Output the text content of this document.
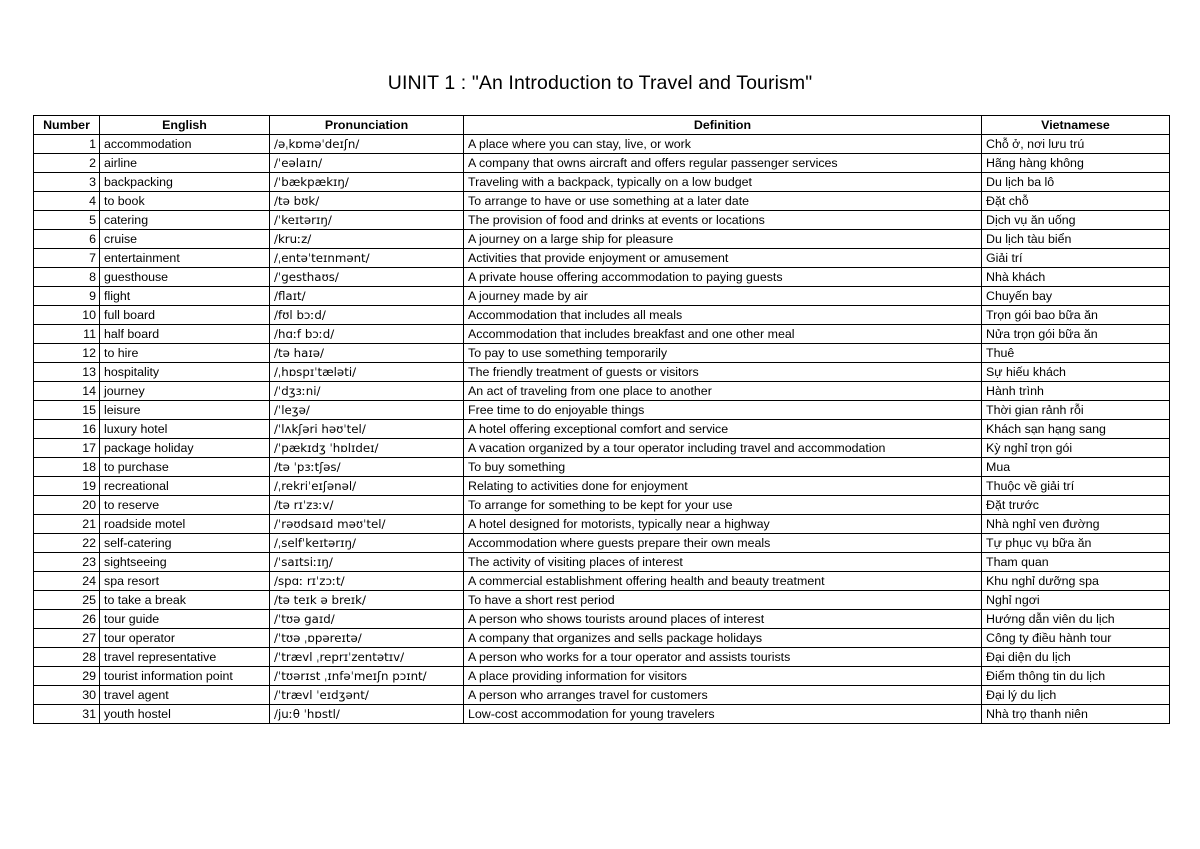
UINIT 1 : "An Introduction to Travel and Tourism"
Number	English	Pronunciation	Definition	Vietnamese
1	accommodation	/əˌkɒməˈdeɪʃn/	A place where you can stay, live, or work	Chỗ ở, nơi lưu trú
2	airline	/ˈeəlaɪn/	A company that owns aircraft and offers regular passenger services	Hãng hàng không
3	backpacking	/ˈbækpækɪŋ/	Traveling with a backpack, typically on a low budget	Du lịch ba lô
4	to book	/tə bʊk/	To arrange to have or use something at a later date	Đặt chỗ
5	catering	/ˈkeɪtərɪŋ/	The provision of food and drinks at events or locations	Dịch vụ ăn uống
6	cruise	/kruːz/	A journey on a large ship for pleasure	Du lịch tàu biển
7	entertainment	/ˌentəˈteɪnmənt/	Activities that provide enjoyment or amusement	Giải trí
8	guesthouse	/ˈgesthaʊs/	A private house offering accommodation to paying guests	Nhà khách
9	flight	/flaɪt/	A journey made by air	Chuyến bay
10	full board	/fʊl bɔːd/	Accommodation that includes all meals	Trọn gói bao bữa ăn
11	half board	/hɑːf bɔːd/	Accommodation that includes breakfast and one other meal	Nửa trọn gói bữa ăn
12	to hire	/tə haɪə/	To pay to use something temporarily	Thuê
13	hospitality	/ˌhɒspɪˈtæləti/	The friendly treatment of guests or visitors	Sự hiếu khách
14	journey	/ˈdʒɜːni/	An act of traveling from one place to another	Hành trình
15	leisure	/ˈleʒə/	Free time to do enjoyable things	Thời gian rảnh rỗi
16	luxury hotel	/ˈlʌkʃəri həʊˈtel/	A hotel offering exceptional comfort and service	Khách sạn hạng sang
17	package holiday	/ˈpækɪdʒ ˈhɒlɪdeɪ/	A vacation organized by a tour operator including travel and accommodation	Kỳ nghỉ trọn gói
18	to purchase	/tə ˈpɜːtʃəs/	To buy something	Mua
19	recreational	/ˌrekriˈeɪʃənəl/	Relating to activities done for enjoyment	Thuộc về giải trí
20	to reserve	/tə rɪˈzɜːv/	To arrange for something to be kept for your use	Đặt trước
21	roadside motel	/ˈrəʊdsaɪd məʊˈtel/	A hotel designed for motorists, typically near a highway	Nhà nghỉ ven đường
22	self-catering	/ˌselfˈkeɪtərɪŋ/	Accommodation where guests prepare their own meals	Tự phục vụ bữa ăn
23	sightseeing	/ˈsaɪtsiːɪŋ/	The activity of visiting places of interest	Tham quan
24	spa resort	/spɑː rɪˈzɔːt/	A commercial establishment offering health and beauty treatment	Khu nghỉ dưỡng spa
25	to take a break	/tə teɪk ə breɪk/	To have a short rest period	Nghỉ ngơi
26	tour guide	/ˈtʊə gaɪd/	A person who shows tourists around places of interest	Hướng dẫn viên du lịch
27	tour operator	/ˈtʊə ˌɒpəreɪtə/	A company that organizes and sells package holidays	Công ty điều hành tour
28	travel representative	/ˈtrævl ˌreprɪˈzentətɪv/	A person who works for a tour operator and assists tourists	Đại diện du lịch
29	tourist information point	/ˈtʊərɪst ˌɪnfəˈmeɪʃn pɔɪnt/	A place providing information for visitors	Điểm thông tin du lịch
30	travel agent	/ˈtrævl ˈeɪdʒənt/	A person who arranges travel for customers	Đại lý du lịch
31	youth hostel	/juːθ ˈhɒstl/	Low-cost accommodation for young travelers	Nhà trọ thanh niên
